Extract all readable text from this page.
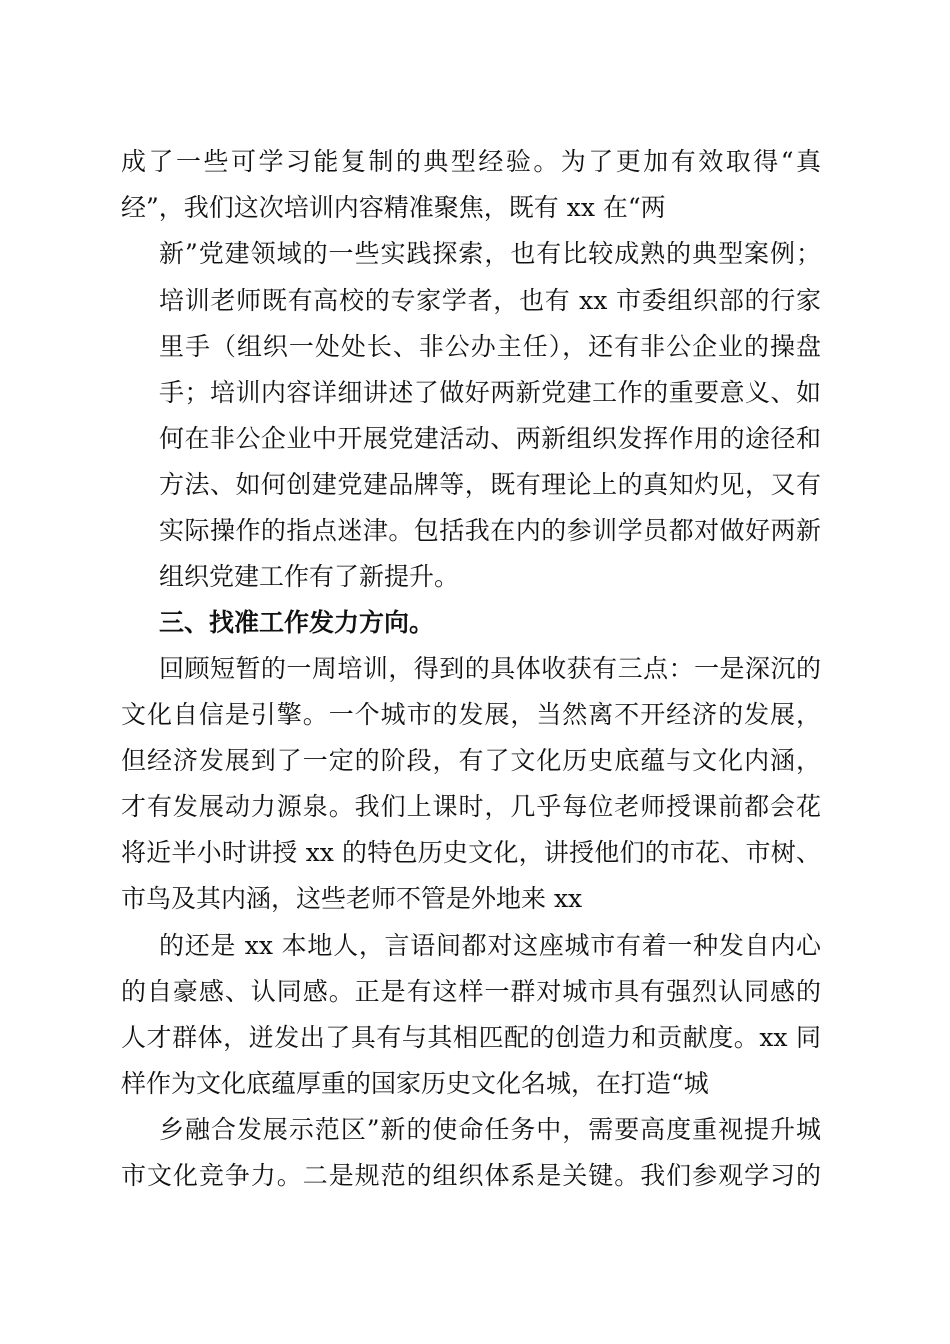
成了一些可学习能复制的典型经验。为了更加有效取得“真
经”，我们这次培训内容精准聚焦，既有 xx 在“两
新”党建领域的一些实践探索，也有比较成熟的典型案例；
培训老师既有高校的专家学者，也有 xx 市委组织部的行家
里手（组织一处处长、非公办主任），还有非公企业的操盘
手；培训内容详细讲述了做好两新党建工作的重要意义、如
何在非公企业中开展党建活动、两新组织发挥作用的途径和
方法、如何创建党建品牌等，既有理论上的真知灼见，又有
实际操作的指点迷津。包括我在内的参训学员都对做好两新
组织党建工作有了新提升。
三、找准工作发力方向。
回顾短暂的一周培训，得到的具体收获有三点：一是深沉的
文化自信是引擎。一个城市的发展，当然离不开经济的发展，
但经济发展到了一定的阶段，有了文化历史底蕴与文化内涵，
才有发展动力源泉。我们上课时，几乎每位老师授课前都会花
将近半小时讲授 xx 的特色历史文化，讲授他们的市花、市树、
市鸟及其内涵，这些老师不管是外地来 xx
的还是 xx 本地人，言语间都对这座城市有着一种发自内心
的自豪感、认同感。正是有这样一群对城市具有强烈认同感的
人才群体，迸发出了具有与其相匹配的创造力和贡献度。xx 同
样作为文化底蕴厚重的国家历史文化名城，在打造“城
乡融合发展示范区”新的使命任务中，需要高度重视提升城
市文化竞争力。二是规范的组织体系是关键。我们参观学习的
